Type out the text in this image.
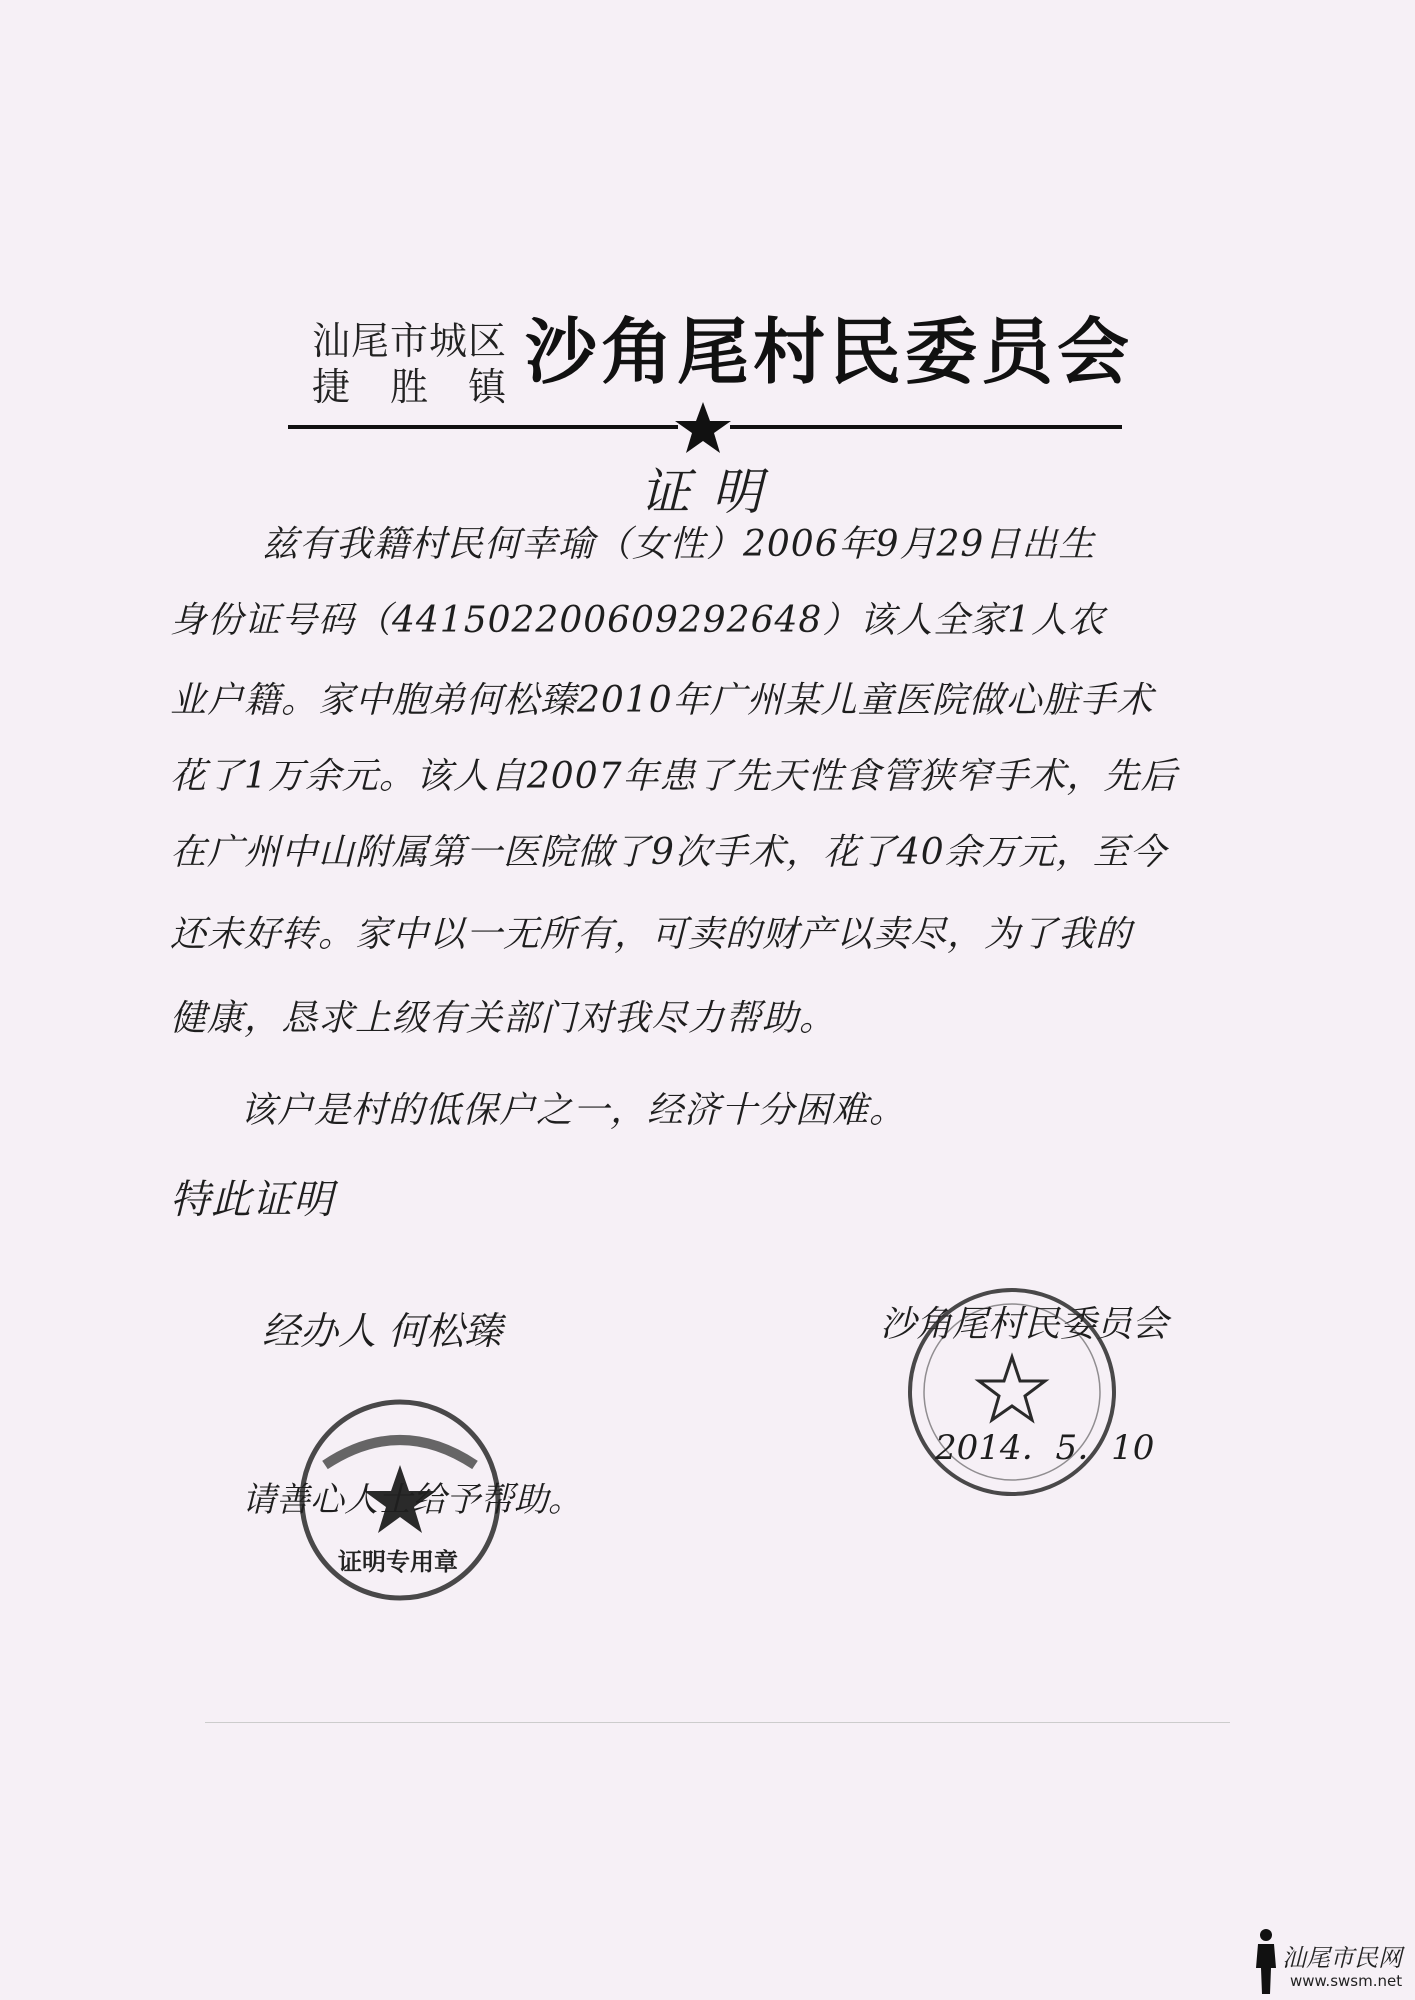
汕尾市城区
捷 胜 镇 沙角尾村民委员会
证明
兹有我籍村民何幸瑜（女性）2006年9月29日出生
身份证号码（441502200609292648）该人全家1人农
业户籍。家中胞弟何松臻2010年广州某儿童医院做心脏手术
花了1万余元。该人自2007年患了先天性食管狭窄手术，先后
在广州中山附属第一医院做了9次手术，花了40余万元，至今
还未好转。家中以一无所有，可卖的财产以卖尽，为了我的
健康，恳求上级有关部门对我尽力帮助。
该户是村的低保户之一，经济十分困难。
特此证明
经办人 何松臻	沙角尾村民委员会
2014．5．10
证明专用章
请善心人士给予帮助。
汕尾市民网
www.swsm.net
